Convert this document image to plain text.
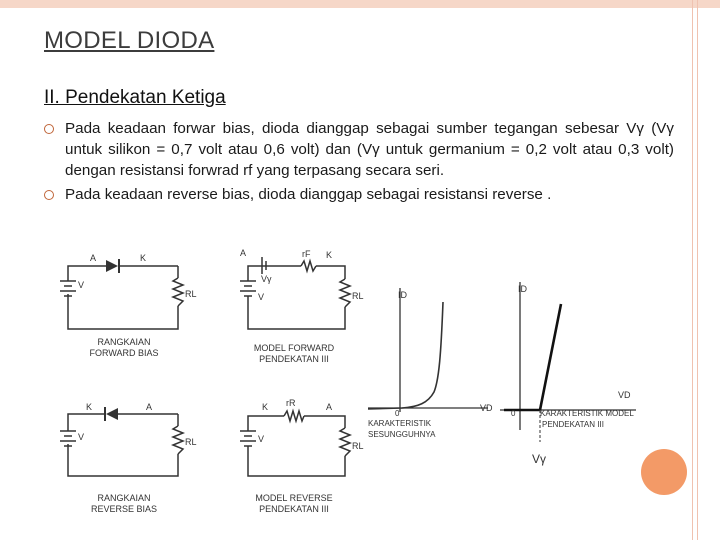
MODEL DIODA
II. Pendekatan Ketiga
Pada keadaan forwar bias, dioda dianggap sebagai sumber tegangan sebesar Vγ (Vγ untuk silikon = 0,7 volt atau 0,6 volt) dan (Vγ untuk germanium = 0,2 volt atau 0,3 volt) dengan resistansi forwrad rf yang terpasang secara seri.
Pada keadaan reverse bias, dioda dianggap sebagai resistansi reverse .
A	K
V
RL
RANGKAIAN
FORWARD BIAS
A	K
Vγ
rF
V	RL
MODEL FORWARD
PENDEKATAN III
K	A
V	RL
RANGKAIAN
REVERSE BIAS
K	A
rR
V
RL
MODEL REVERSE
PENDEKATAN III
ID
VD
0
KARAKTERISTIK
SESUNGGUHNYA
ID
VD
0	KARAKTERISTIK MODEL
PENDEKATAN III
Vγ
